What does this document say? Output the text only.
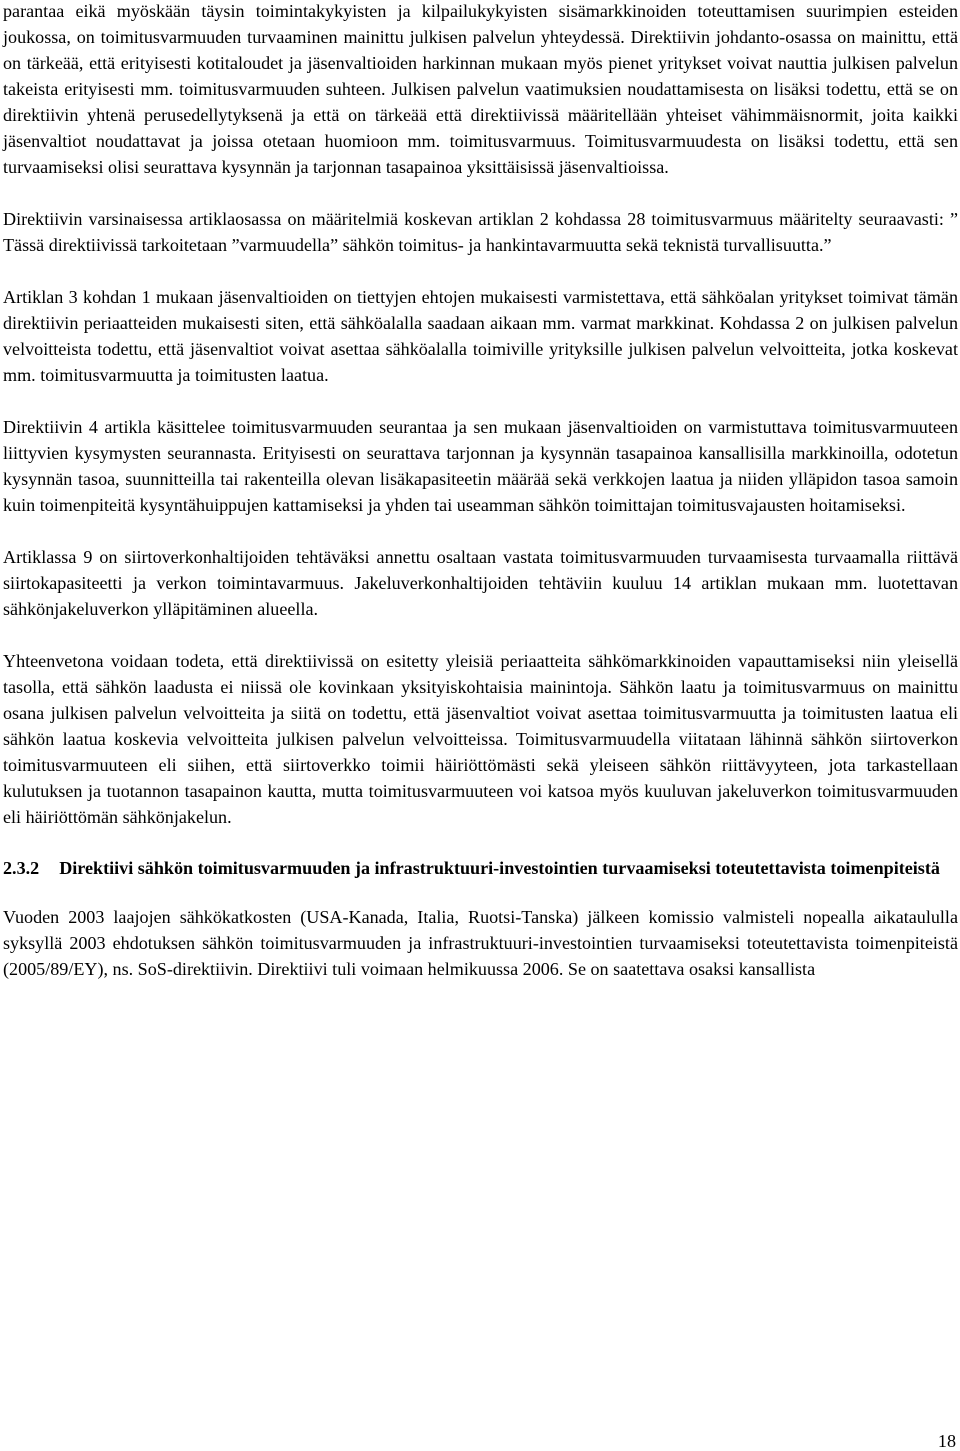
parantaa eikä myöskään täysin toimintakykyisten ja kilpailukykyisten sisämarkkinoiden toteuttamisen suurimpien esteiden joukossa, on toimitusvarmuuden turvaaminen mainittu julkisen palvelun yhteydessä. Direktiivin johdanto-osassa on mainittu, että on tärkeää, että erityisesti kotitaloudet ja jäsenvaltioiden harkinnan mukaan myös pienet yritykset voivat nauttia julkisen palvelun takeista erityisesti mm. toimitusvarmuuden suhteen. Julkisen palvelun vaatimuksien noudattamisesta on lisäksi todettu, että se on direktiivin yhtenä perusedellytyksenä ja että on tärkeää että direktiivissä määritellään yhteiset vähimmäisnormit, joita kaikki jäsenvaltiot noudattavat ja joissa otetaan huomioon mm. toimitusvarmuus. Toimitusvarmuudesta on lisäksi todettu, että sen turvaamiseksi olisi seurattava kysynnän ja tarjonnan tasapainoa yksittäisissä jäsenvaltioissa.

Direktiivin varsinaisessa artiklaosassa on määritelmiä koskevan artiklan 2 kohdassa 28 toimitusvarmuus määritelty seuraavasti: ” Tässä direktiivissä tarkoitetaan ”varmuudella” sähkön toimitus- ja hankintavarmuutta sekä teknistä turvallisuutta.”

Artiklan 3 kohdan 1 mukaan jäsenvaltioiden on tiettyjen ehtojen mukaisesti varmistettava, että sähköalan yritykset toimivat tämän direktiivin periaatteiden mukaisesti siten, että sähköalalla saadaan aikaan mm. varmat markkinat. Kohdassa 2 on julkisen palvelun velvoitteista todettu, että jäsenvaltiot voivat asettaa sähköalalla toimiville yrityksille julkisen palvelun velvoitteita, jotka koskevat mm. toimitusvarmuutta ja toimitusten laatua.

Direktiivin 4 artikla käsittelee toimitusvarmuuden seurantaa ja sen mukaan jäsenvaltioiden on varmistuttava toimitusvarmuuteen liittyvien kysymysten seurannasta. Erityisesti on seurattava tarjonnan ja kysynnän tasapainoa kansallisilla markkinoilla, odotetun kysynnän tasoa, suunnitteilla tai rakenteilla olevan lisäkapasiteetin määrää sekä verkkojen laatua ja niiden ylläpidon tasoa samoin kuin toimenpiteitä kysyntähuippujen kattamiseksi ja yhden tai useamman sähkön toimittajan toimitusvajausten hoitamiseksi.

Artiklassa 9 on siirtoverkonhaltijoiden tehtäväksi annettu osaltaan vastata toimitusvarmuuden turvaamisesta turvaamalla riittävä siirtokapasiteetti ja verkon toimintavarmuus. Jakeluverkonhaltijoiden tehtäviin kuuluu 14 artiklan mukaan mm. luotettavan sähkönjakeluverkon ylläpitäminen alueella.

Yhteenvetona voidaan todeta, että direktiivissä on esitetty yleisiä periaatteita sähkömarkkinoiden vapauttamiseksi niin yleisellä tasolla, että sähkön laadusta ei niissä ole kovinkaan yksityiskohtaisia mainintoja. Sähkön laatu ja toimitusvarmuus on mainittu osana julkisen palvelun velvoitteita ja siitä on todettu, että jäsenvaltiot voivat asettaa toimitusvarmuutta ja toimitusten laatua eli sähkön laatua koskevia velvoitteita julkisen palvelun velvoitteissa. Toimitusvarmuudella viitataan lähinnä sähkön siirtoverkon toimitusvarmuuteen eli siihen, että siirtoverkko toimii häiriöttömästi sekä yleiseen sähkön riittävyyteen, jota tarkastellaan kulutuksen ja tuotannon tasapainon kautta, mutta toimitusvarmuuteen voi katsoa myös kuuluvan jakeluverkon toimitusvarmuuden eli häiriöttömän sähkönjakelun.

2.3.2 Direktiivi sähkön toimitusvarmuuden ja infrastruktuuri-investointien turvaamiseksi toteutettavista toimenpiteistä

Vuoden 2003 laajojen sähkökatkosten (USA-Kanada, Italia, Ruotsi-Tanska) jälkeen komissio valmisteli nopealla aikataululla syksyllä 2003 ehdotuksen sähkön toimitusvarmuuden ja infrastruktuuri-investointien turvaamiseksi toteutettavista toimenpiteistä (2005/89/EY), ns. SoS-direktiivin. Direktiivi tuli voimaan helmikuussa 2006. Se on saatettava osaksi kansallista

18
